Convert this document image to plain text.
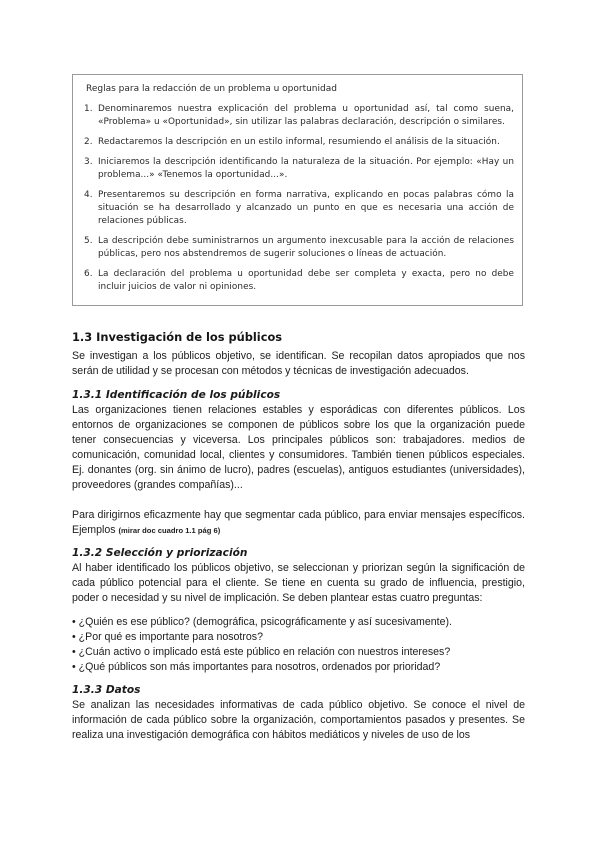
Reglas para la redacción de un problema u oportunidad
1. Denominaremos nuestra explicación del problema u oportunidad así, tal como suena, «Problema» u «Oportunidad», sin utilizar las palabras declaración, descripción o similares.
2. Redactaremos la descripción en un estilo informal, resumiendo el análisis de la situación.
3. Iniciaremos la descripción identificando la naturaleza de la situación. Por ejemplo: «Hay un problema...» «Tenemos la oportunidad...».
4. Presentaremos su descripción en forma narrativa, explicando en pocas palabras cómo la situación se ha desarrollado y alcanzado un punto en que es necesaria una acción de relaciones públicas.
5. La descripción debe suministrarnos un argumento inexcusable para la acción de relaciones públicas, pero nos abstendremos de sugerir soluciones o líneas de actuación.
6. La declaración del problema u oportunidad debe ser completa y exacta, pero no debe incluir juicios de valor ni opiniones.
1.3 Investigación de los públicos

Se investigan a los públicos objetivo, se identifican. Se recopilan datos apropiados que nos serán de utilidad y se procesan con métodos y técnicas de investigación adecuados.

1.3.1 Identificación de los públicos

Las organizaciones tienen relaciones estables y esporádicas con diferentes públicos. Los entornos de organizaciones se componen de públicos sobre los que la organización puede tener consecuencias y viceversa. Los principales públicos son: trabajadores. medios de comunicación, comunidad local, clientes y consumidores. También tienen públicos especiales. Ej. donantes (org. sin ánimo de lucro), padres (escuelas), antiguos estudiantes (universidades), proveedores (grandes compañías)...

Para dirigirnos eficazmente hay que segmentar cada público, para enviar mensajes específicos. Ejemplos (mirar doc cuadro 1.1 pág 6)

1.3.2 Selección y priorización

Al haber identificado los públicos objetivo, se seleccionan y priorizan según la significación de cada público potencial para el cliente. Se tiene en cuenta su grado de influencia, prestigio, poder o necesidad y su nivel de implicación. Se deben plantear estas cuatro preguntas:

• ¿Quién es ese público? (demográfica, psicográficamente y así sucesivamente).
• ¿Por qué es importante para nosotros?
• ¿Cuán activo o implicado está este público en relación con nuestros intereses?
• ¿Qué públicos son más importantes para nosotros, ordenados por prioridad?
1.3.3 Datos

Se analizan las necesidades informativas de cada público objetivo. Se conoce el nivel de información de cada público sobre la organización, comportamientos pasados y presentes. Se realiza una investigación demográfica con hábitos mediáticos y niveles de uso de los
